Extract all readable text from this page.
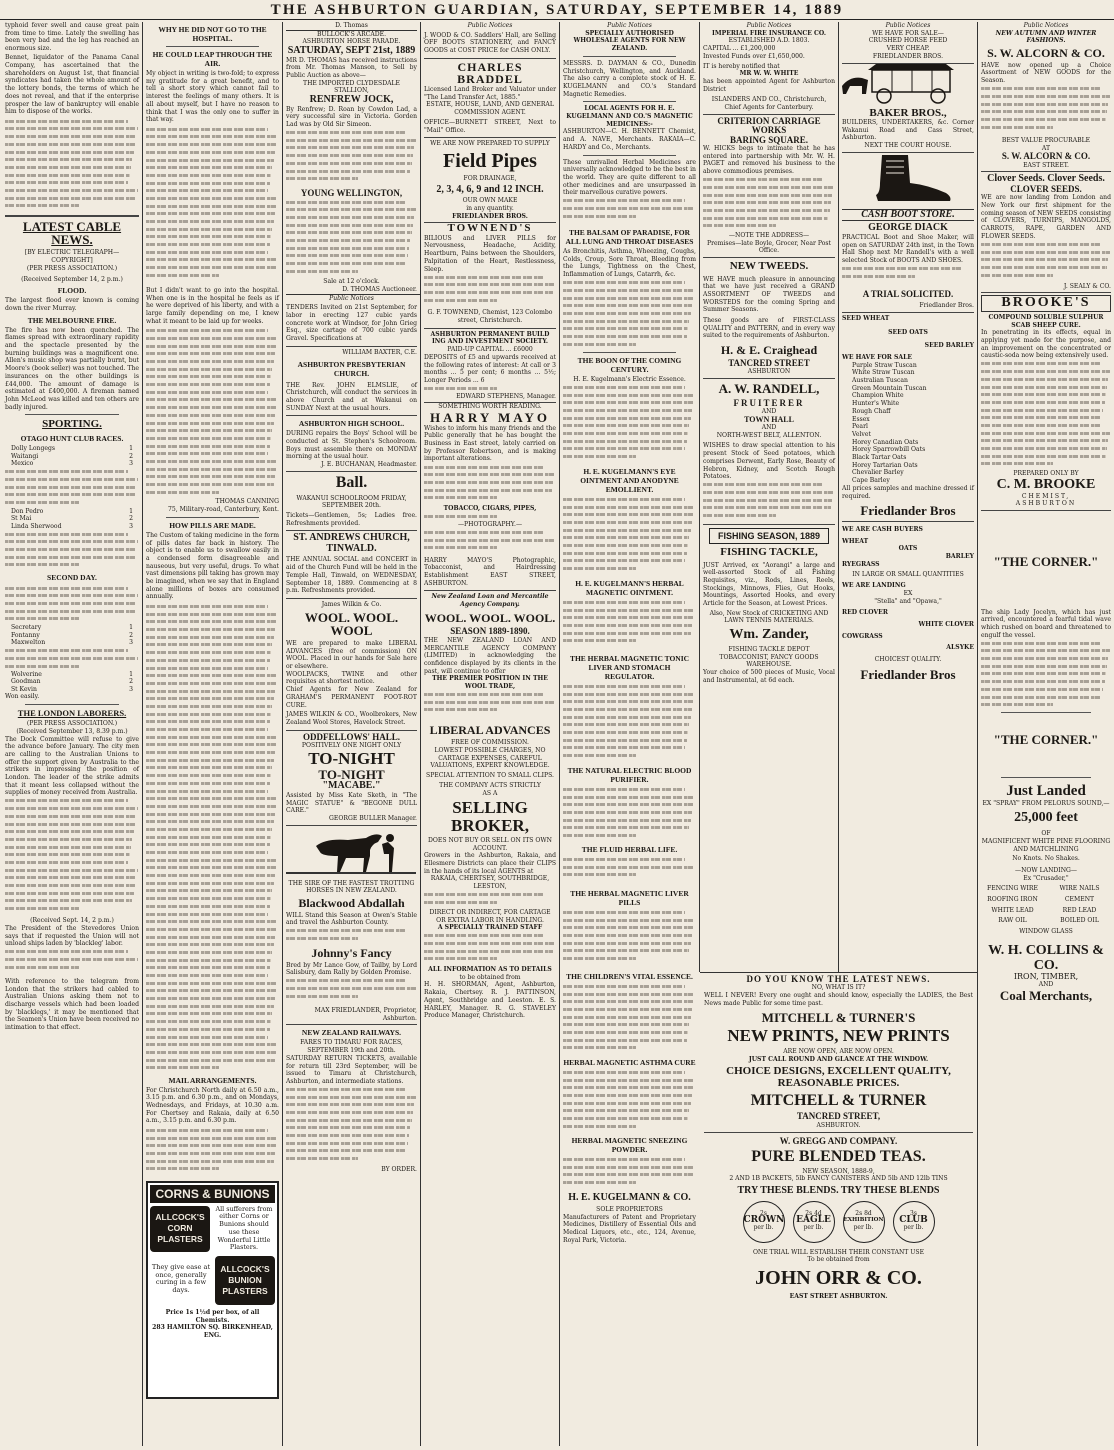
THE ASHBURTON GUARDIAN, SATURDAY, SEPTEMBER 14, 1889

typhoid fever swell and cause great pain from time to time. Lately the swelling has been very bad and the leg has reached an enormous size.

Bennet, liquidator of the Panama Canal Company, has ascertained that the shareholders on August 1st, that financial syndicates had taken the whole amount of the lottery bonds, the terms of which he does not reveal, and that if the enterprise prosper the law of bankruptcy will enable him to dispose of the works.

LATEST CABLE NEWS.
[BY ELECTRIC TELEGRAPH—COPYRIGHT]
(PER PRESS ASSOCIATION.)
(Received September 14, 2 p.m.)
FLOOD.

The largest flood ever known is coming down the river Murray.

THE MELBOURNE FIRE.

The fire has now been quenched. The flames spread with extraordinary rapidity and the spectacle presented by the burning buildings was a magnificent one. Allen's music shop was partially burnt, but Moore's (book seller) was not touched. The insurances on the other buildings is £44,000. The amount of damage is estimated at £400,000. A fireman named John McLeod was killed and ten others are badly injured.

SPORTING.
OTAGO HUNT CLUB RACES.
Dolly Longegs	1
Waitangi	2
Mexico	3

Don Pedro	1
St Mai	2
Linda Sherwood	3

SECOND DAY.

Secretary	1
Fontanny	2
Maxwelton	3

Wolverine	1
Goodman	2
St Kevin	3
Won easily.
THE LONDON LABORERS.
(PER PRESS ASSOCIATION.)
(Received September 13, 8.39 p.m.)

The Dock Committee will refuse to give the advance before January. The city men are calling to the Australian Unions to offer the support given by Australia to the strikers in impressing the position of London. The leader of the strike admits that it meant less collapsed without the supplies of money received from Australia.

(Received Sept. 14, 2 p.m.)

The President of the Stevedores Union says that if requested the Union will not unload ships laden by 'blackleg' labor.

With reference to the telegram from London that the strikers had cabled to Australian Unions asking them not to discharge vessels which had been loaded by 'blacklegs,' it may be mentioned that the Seamen's Union have been received no intimation to that effect.

WHY HE DID NOT GO TO THE HOSPITAL.
HE COULD LEAP THROUGH THE AIR.

My object in writing is two-fold; to express my gratitude for a great benefit, and to tell a short story which cannot fail to interest the feelings of many others. It is all about myself, but I have no reason to think that I was the only one to suffer in that way.

But I didn't want to go into the hospital. When one is in the hospital he feels as if he were deprived of his liberty, and with a large family depending on me, I knew what it meant to be laid up for weeks.

THOMAS CANNING
75, Military-road, Canterbury, Kent.
HOW PILLS ARE MADE.

The Custom of taking medicine in the form of pills dates far back in history. The object is to enable us to swallow easily in a condensed form disagreeable and nauseous, but very useful, drugs. To what vast dimensions pill taking has grown may be imagined, when we say that in England alone millions of boxes are consumed annually.

MAIL ARRANGEMENTS.

For Christchurch North daily at 6.50 a.m., 3.15 p.m. and 6.30 p.m., and on Mondays, Wednesdays, and Fridays, at 10.30 a.m. For Chertsey and Rakaia, daily at 6.50 a.m., 3.15 p.m. and 6.30 p.m.

CORNS & BUNIONS
ALLCOCK'S CORN PLASTERS
All sufferers from either Corns or Bunions should use these Wonderful Little Plasters.
They give ease at once, generally curing in a few days.
ALLCOCK'S BUNION PLASTERS
Price 1s 1½d per box, of all Chemists.
283 HAMILTON SQ. BIRKENHEAD, ENG.
D. Thomas
BULLOCK'S ARCADE.
ASHBURTON HORSE PARADE.
SATURDAY, SEPT 21st, 1889

MR D. THOMAS has received instructions from Mr. Thomas Manson, to Sell by Public Auction as above—

THE IMPORTED CLYDESDALE STALLION,
RENFREW JOCK,

By Renfrew; D. Roan by Cowdon Lad, a very successful sire in Victoria. Gorden Lad was by Old Sir Simeon.

YOUNG WELLINGTON,

Sale at 12 o'clock.
D. THOMAS Auctioneer.
Public Notices

TENDERS Invited on 21st September, for labor in erecting 127 cubic yards concrete work at Windsor, for John Grieg Esq., size cartage of 700 cubic yards Gravel. Specifications at

WILLIAM BAXTER, C.E.
ASHBURTON PRESBYTERIAN CHURCH.

THE Rev. JOHN ELMSLIE, of Christchurch, will conduct the services in above Church and at Wakanui on SUNDAY Next at the usual hours.

ASHBURTON HIGH SCHOOL.

DURING repairs the Boys' School will be conducted at St. Stephen's Schoolroom. Boys must assemble there on MONDAY morning at the usual hour.

J. E. BUCHANAN, Headmaster.
Ball.
WAKANUI SCHOOLROOM FRIDAY, SEPTEMBER 20th.

Tickets—Gentlemen, 5s; Ladies free. Refreshments provided.

ST. ANDREWS CHURCH, TINWALD.

THE ANNUAL SOCIAL and CONCERT in aid of the Church Fund will be held in the Temple Hall, Tinwald, on WEDNESDAY, September 18, 1889. Commencing at 8 p.m. Refreshments provided.

James Wilkin & Co.
WOOL. WOOL. WOOL

WE are prepared to make LIBERAL ADVANCES (free of commission) ON WOOL. Placed in our hands for Sale here or elsewhere.

WOOLPACKS, TWINE and other requisites at shortest notice.

Chief Agents for New Zealand for GRAHAM'S PERMANENT FOOT-ROT CURE.

JAMES WILKIN & CO., Woolbrokers, New Zealand Wool Stores, Havelock Street.

ODDFELLOWS' HALL.
POSITIVELY ONE NIGHT ONLY
TO-NIGHT
TO-NIGHT
"MACABE."

Assisted by Miss Kate Sketh, in "The MAGIC STATUE" & "BEGONE DULL CARE."

GEORGE BULLER Manager.
THE SIRE OF THE FASTEST TROTTING HORSES IN NEW ZEALAND.
Blackwood Abdallah

WILL Stand this Season at Owen's Stable and travel the Ashburton County.

Johnny's Fancy

Bred by Mr Lance Gow, of Tailby, by Lord Salisbury, dam Rally by Golden Promise.

MAX FRIEDLANDER, Proprietor, Ashburton.
NEW ZEALAND RAILWAYS.
FARES TO TIMARU FOR RACES, SEPTEMBER 19th and 20th.

SATURDAY RETURN TICKETS, available for return till 23rd September, will be issued to Timaru at Christchurch, Ashburton, and intermediate stations.

BY ORDER.
Public Notices

J. WOOD & CO. Saddlers' Hall, are Selling OFF BOOTS STATIONERY, and FANCY GOODS at COST PRICE for CASH ONLY.

CHARLES BRADDEL

Licensed Land Broker and Valuator under "The Land Transfer Act, 1885."

ESTATE, HOUSE, LAND, AND GENERAL COMMISSION AGENT.

OFFICE—BURNETT STREET, Next to "Mail" Office.

WE ARE NOW PREPARED TO SUPPLY
Field Pipes
FOR DRAINAGE,
2, 3, 4, 6, 9 and 12 INCH.
OUR OWN MAKE
in any quantity.
FRIEDLANDER BROS.
TOWNEND'S

BILIOUS and LIVER PILLS for Nervousness, Headache, Acidity, Heartburn, Pains between the Shoulders, Palpitation of the Heart, Restlessness, Sleep.

G. F. TOWNEND, Chemist, 123 Colombo street, Christchurch.

ASHBURTON PERMANENT BUILD ING AND INVESTMENT SOCIETY.
PAID-UP CAPITAL ... £6000

DEPOSITS of £5 and upwards received at the following rates of interest: At call or 3 months ... 5 per cent; 6 months ... 5½; Longer Periods ... 6

EDWARD STEPHENS, Manager.
SOMETHING WORTH READING.
HARRY MAYO

Wishes to inform his many friends and the Public generally that he has bought the Business in East street, lately carried on by Professor Robertson, and is making important alterations.

TOBACCO, CIGARS, PIPES,

—PHOTOGRAPHY.—

HARRY MAYO'S Photographic, Tobacconist, and Hairdressing Establishment EAST STREET, ASHBURTON.

New Zealand Loan and Mercantile Agency Company.
WOOL. WOOL. WOOL.
SEASON 1889-1890.

THE NEW ZEALAND LOAN AND MERCANTILE AGENCY COMPANY (LIMITED) in acknowledging the confidence displayed by its clients in the past, will continue to offer

THE PREMIER POSITION IN THE WOOL TRADE,

LIBERAL ADVANCES
FREE OF COMMISSION.
LOWEST POSSIBLE CHARGES, NO CARTAGE EXPENSES, CAREFUL VALUATIONS, EXPERT KNOWLEDGE.
SPECIAL ATTENTION TO SMALL CLIPS.
THE COMPANY ACTS STRICTLY
AS A
SELLING BROKER,
DOES NOT BUY OR SELL ON ITS OWN ACCOUNT.

Growers in the Ashburton, Rakaia, and Ellesmere Districts can place their CLIPS in the hands of its local AGENTS at

RAKAIA, CHERTSEY, SOUTHBRIDGE, LEESTON,

DIRECT OR INDIRECT, FOR CARTAGE OR EXTRA LABOR IN HANDLING.
A SPECIALLY TRAINED STAFF

ALL INFORMATION AS TO DETAILS
to be obtained from

H. H. SHORMAN, Agent, Ashburton, Rakaia, Chertsey. R. J. PATTINSON, Agent, Southbridge and Leeston. E. S. HARLEY, Manager. R. G. STAVELEY Produce Manager, Christchurch.

Public Notices
SPECIALLY AUTHORISED WHOLESALE AGENTS FOR NEW ZEALAND.

MESSRS. D. DAYMAN & CO., Dunedin Christchurch, Wellington, and Auckland. The also carry a complete stock of H. E. KUGELMANN and CO.'s Standard Magnetic Remedies.

LOCAL AGENTS FOR H. E. KUGELMANN AND CO.'S MAGNETIC MEDICINES:-

ASHBURTON—C. H. BENNETT Chemist, and A. NAVE, Merchants. RAKAIA—C. HARDY and Co., Merchants.

These unrivalled Herbal Medicines are universally acknowledged to be the best in the world. They are quite different to all other medicines and are unsurpassed in their marvellous curative powers.

THE BALSAM OF PARADISE, FOR ALL LUNG AND THROAT DISEASES

As Bronchitis, Asthma, Wheezing, Coughs, Colds, Croup, Sore Throat, Bleeding from the Lungs, Tightness on the Chest, Inflammation of Lungs, Catarrh, &c.

THE BOON OF THE COMING CENTURY.
H. E. Kugelmann's Electric Essence.

H. E. KUGELMANN'S EYE OINTMENT AND ANODYNE EMOLLIENT.

H. E. KUGELMANN'S HERBAL MAGNETIC OINTMENT.

THE HERBAL MAGNETIC TONIC LIVER AND STOMACH REGULATOR.

THE NATURAL ELECTRIC BLOOD PURIFIER.

THE FLUID HERBAL LIFE.

THE HERBAL MAGNETIC LIVER PILLS

THE CHILDREN'S VITAL ESSENCE.

HERBAL MAGNETIC ASTHMA CURE

HERBAL MAGNETIC SNEEZING POWDER.

H. E. KUGELMANN & CO.
SOLE PROPRIETORS

Manufacturers of Patent and Proprietary Medicines, Distillery of Essential Oils and Medical Liquors, etc., etc., 124, Avenue, Royal Park, Victoria.

Public Notices
IMPERIAL FIRE INSURANCE CO.
ESTABLISHED A.D. 1803.
CAPITAL ... £1,200,000
Invested Funds over £1,650,000.
IT is hereby notified that
MR W. W. WHITE
has been appointed Agent for Ashburton District
ISLANDERS AND CO., Christchurch,
Chief Agents for Canterbury.
CRITERION CARRIAGE WORKS
BARING SQUARE.

W. HICKS begs to intimate that he has entered into partnership with Mr. W. H. PAGET and removed his business to the above commodious premises.

—NOTE THE ADDRESS—
Premises—late Boyle, Grocer, Near Post Office.
NEW TWEEDS.

WE HAVE much pleasure in announcing that we have just received a GRAND ASSORTMENT OF TWEEDS and WORSTEDS for the coming Spring and Summer Seasons.

These goods are of FIRST-CLASS QUALITY and PATTERN, and in every way suited to the requirements of Ashburton.

H. & E. Craighead
TANCRED STREET
ASHBURTON
A. W. RANDELL,
FRUITERER
AND
TOWN HALL
AND
NORTH-WEST BELT, ALLENTON.

WISHES to draw special attention to his present Stock of Seed potatoes, which comprises Derwent, Early Rose, Beauty of Hebron, Kidney, and Scotch Rough Potatoes.

FISHING SEASON, 1889
FISHING TACKLE,

JUST Arrived, ex "Aorangi" a large and well-assorted Stock of all Fishing Requisites, viz., Rods, Lines, Reels, Stockings, Minnows, Flies, Gut Hooks, Mountings, Assorted Hooks, and every Article for the Season, at Lowest Prices.

Also, New Stock of CRICKETING AND LAWN TENNIS MATERIALS.
Wm. Zander,
FISHING TACKLE DEPOT TOBACCONIST, FANCY GOODS WAREHOUSE.

Your choice of 500 pieces of Music, Vocal and Instrumental, at 6d each.

Public Notices
WE HAVE FOR SALE—
CRUSHED HORSE FEED
VERY CHEAP.
FRIEDLANDER BROS.
BAKER BROS.,

BUILDERS, UNDERTAKERS, &c. Corner Wakanui Road and Cass Street, Ashburton.

NEXT THE COURT HOUSE.
CASH BOOT STORE.
GEORGE DIACK

PRACTICAL Boot and Shoe Maker, will open on SATURDAY 24th inst, in the Town Hall Shop next Mr Randell's with a well selected Stock of BOOTS AND SHOES.

A TRIAL SOLICITED.
Friedlander Bros.
SEED WHEAT
SEED OATS
SEED BARLEY
WE HAVE FOR SALE
Purple Straw Tuscan
White Straw Tuscan
Australian Tuscan
Green Mountain Tuscan
Champion White
Hunter's White
Rough Chaff
Essex
Pearl
Velvet
Horey Canadian Oats
Horey Sparrowbill Oats
Black Tartar Oats
Horey Tartarian Oats
Chevalier Barley
Cape Barley
All prices samples and machine dressed if required.
Friedlander Bros
WE ARE CASH BUYERS
WHEAT
OATS
BARLEY
RYEGRASS
IN LARGE OR SMALL QUANTITIES
WE ARE LANDING
EX
"Stella" and "Opawa,"
RED CLOVER
WHITE CLOVER
COWGRASS
ALSYKE
CHOICEST QUALITY.
Friedlander Bros
Public Notices
NEW AUTUMN AND WINTER FASHIONS.
S. W. ALCORN & CO.

HAVE now opened up a Choice Assortment of NEW GOODS for the Season.

BEST VALUE PROCURABLE
AT
S. W. ALCORN & CO.
EAST STREET.
Clover Seeds. Clover Seeds.
CLOVER SEEDS.

WE are now landing from London and New York our first shipment for the coming season of NEW SEEDS consisting of CLOVERS, TURNIPS, MANGOLDS, CARROTS, RAPE, GARDEN AND FLOWER SEEDS.

J. SEALY & CO.
BROOKE'S
COMPOUND SOLUBLE SULPHUR SCAB SHEEP CURE.

In penetrating in its effects, equal in applying yet made for the purpose, and an improvement on the concentrated or caustic-soda now being extensively used.

PREPARED ONLY BY
C. M. BROOKE
CHEMIST,
ASHBURTON
"THE CORNER."

The ship Lady Jocelyn, which has just arrived, encountered a fearful tidal wave which rushed on board and threatened to engulf the vessel.

"THE CORNER."
Just Landed
EX "SPRAY" FROM PELORUS SOUND,—
25,000 feet
OF
MAGNIFICENT WHITE PINE FLOORING AND MATCHLINING
No Knots. No Shakes.
—NOW LANDING—
Ex "Crusader,"
FENCING WIRE	WIRE NAILS
ROOFING IRON	CEMENT
WHITE LEAD	RED LEAD
RAW OIL	BOILED OIL
WINDOW GLASS
W. H. COLLINS & CO.
IRON, TIMBER,
AND
Coal Merchants,
DO YOU KNOW THE LATEST NEWS.
NO, WHAT IS IT?

WELL I NEVER! Every one ought and should know, especially the LADIES, the Best News made Public for some time past.

MITCHELL & TURNER'S
NEW PRINTS, NEW PRINTS
ARE NOW OPEN, ARE NOW OPEN.
JUST CALL ROUND AND GLANCE AT THE WINDOW.
CHOICE DESIGNS, EXCELLENT QUALITY, REASONABLE PRICES.
MITCHELL & TURNER
TANCRED STREET,
ASHBURTON.
W. GREGG AND COMPANY.
PURE BLENDED TEAS.
NEW SEASON, 1888-9,
2 AND 1B PACKETS, 5lb FANCY CANISTERS AND 5lb AND 12lb TINS
TRY THESE BLENDS. TRY THESE BLENDS
2s
CROWN
per lb.
2s 4d
EAGLE
per lb.
2s 8d
EXHIBITION
per lb.
3s
CLUB
per lb.
ONE TRIAL WILL ESTABLISH THEIR CONSTANT USE
To be obtained from
JOHN ORR & CO.
EAST STREET ASHBURTON.
